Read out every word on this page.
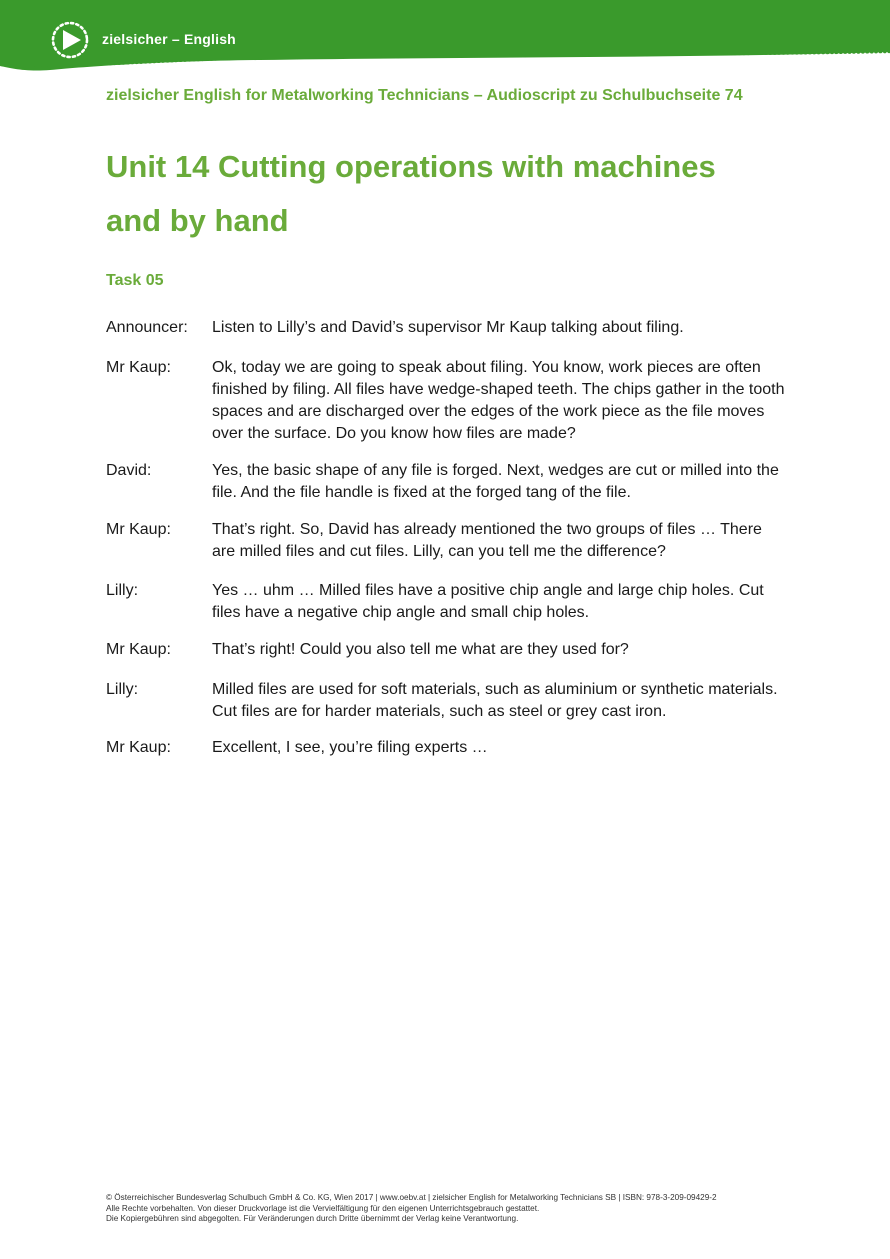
zielsicher – English
zielsicher English for Metalworking Technicians – Audioscript zu Schulbuchseite 74
Unit 14 Cutting operations with machines
and by hand
Task 05
Announcer:	Listen to Lilly’s and David’s supervisor Mr Kaup talking about filing.
Mr Kaup:	Ok, today we are going to speak about filing. You know, work pieces are often finished by filing. All files have wedge-shaped teeth. The chips gather in the tooth spaces and are discharged over the edges of the work piece as the file moves over the surface. Do you know how files are made?
David:	Yes, the basic shape of any file is forged. Next, wedges are cut or milled into the file. And the file handle is fixed at the forged tang of the file.
Mr Kaup:	That’s right. So, David has already mentioned the two groups of files … There are milled files and cut files. Lilly, can you tell me the difference?
Lilly:	Yes … uhm … Milled files have a positive chip angle and large chip holes. Cut files have a negative chip angle and small chip holes.
Mr Kaup:	That’s right! Could you also tell me what are they used for?
Lilly:	Milled files are used for soft materials, such as aluminium or synthetic materials. Cut files are for harder materials, such as steel or grey cast iron.
Mr Kaup:	Excellent, I see, you’re filing experts …
© Österreichischer Bundesverlag Schulbuch GmbH & Co. KG, Wien 2017 | www.oebv.at | zielsicher English for Metalworking Technicians SB | ISBN: 978-3-209-09429-2
Alle Rechte vorbehalten. Von dieser Druckvorlage ist die Vervielfältigung für den eigenen Unterrichtsgebrauch gestattet.
Die Kopiergebühren sind abgegolten. Für Veränderungen durch Dritte übernimmt der Verlag keine Verantwortung.
